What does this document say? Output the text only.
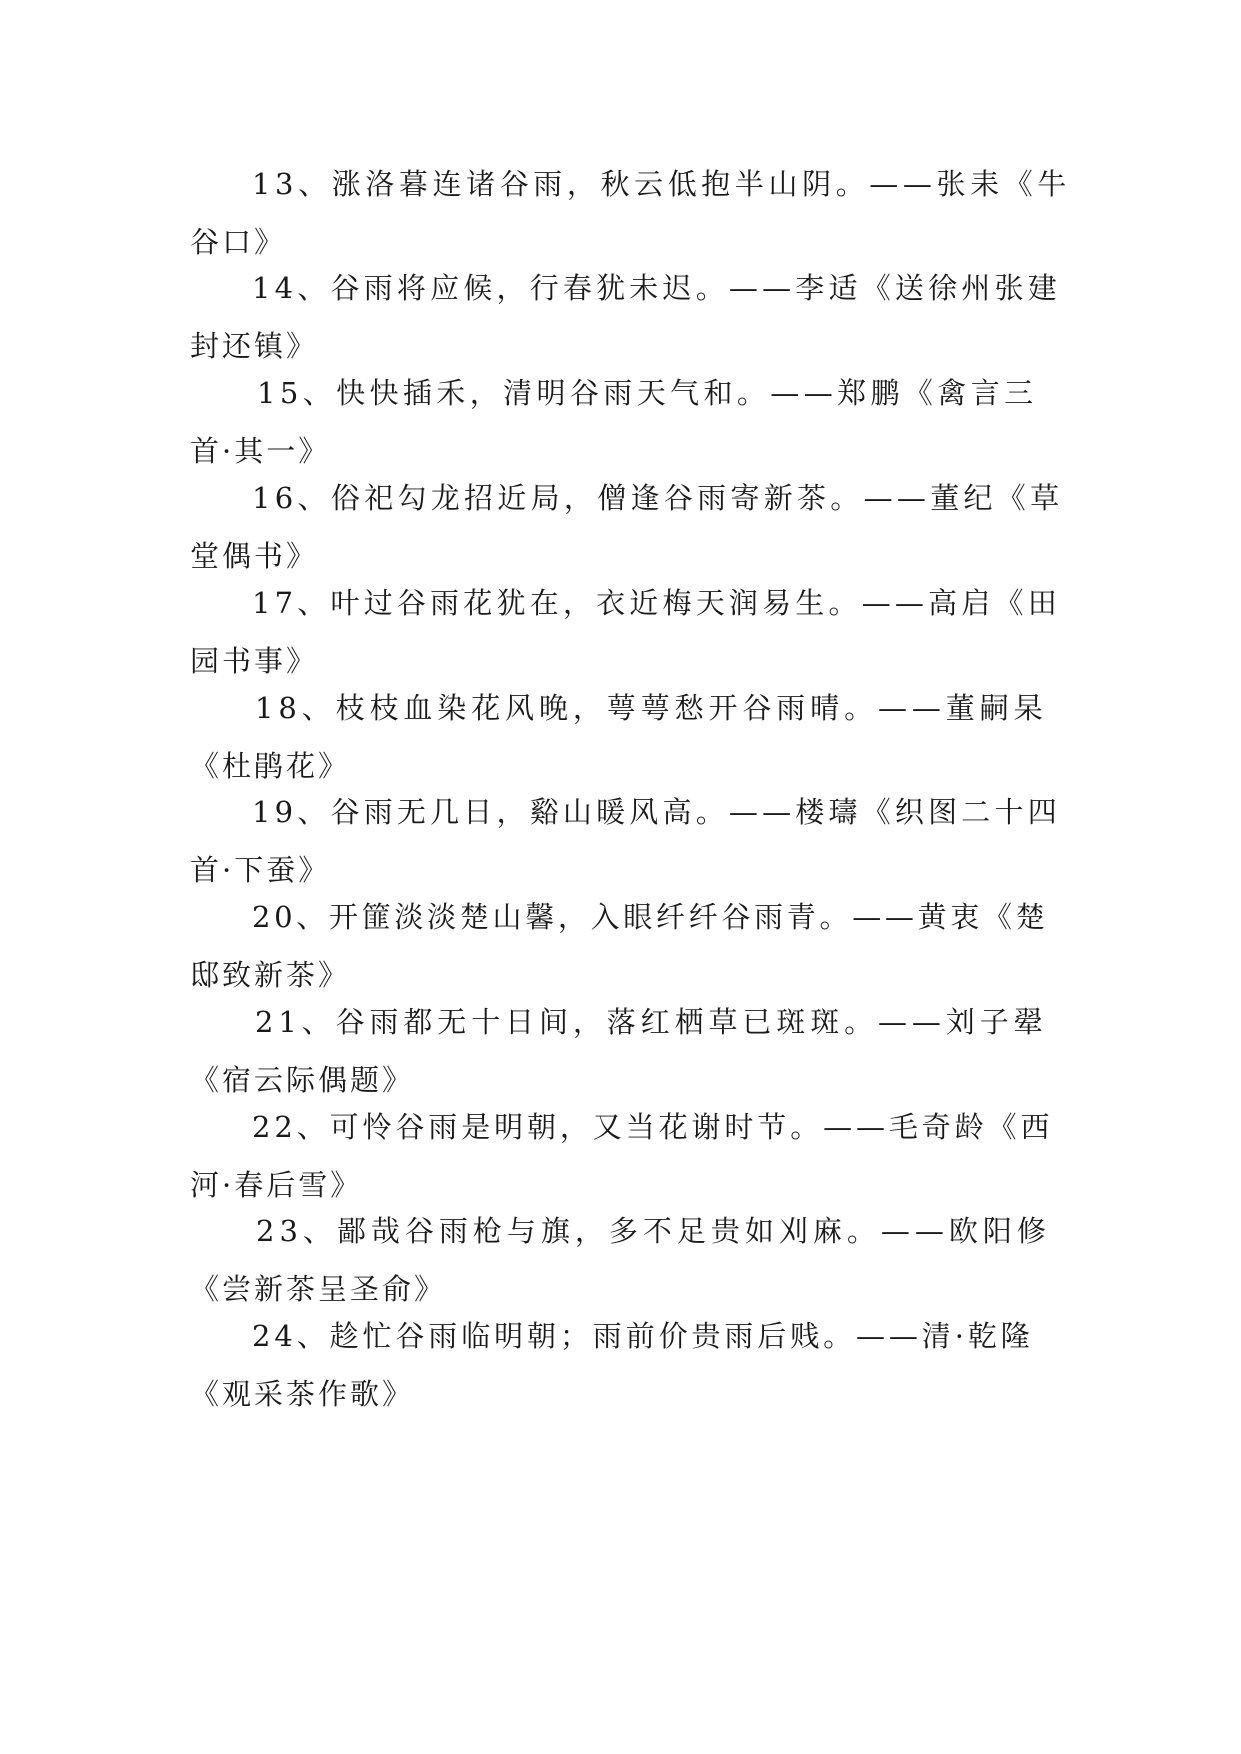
13、涨洛暮连诸谷雨，秋云低抱半山阴。——张耒《牛
谷口》
14、谷雨将应候，行春犹未迟。——李适《送徐州张建
封还镇》
15、快快插禾，清明谷雨天气和。——郑鹏《禽言三
首·其一》
16、俗祀勾龙招近局，僧逢谷雨寄新茶。——董纪《草
堂偶书》
17、叶过谷雨花犹在，衣近梅天润易生。——高启《田
园书事》
18、枝枝血染花风晚，萼萼愁开谷雨晴。——董嗣杲
《杜鹃花》
19、谷雨无几日，谿山暖风高。——楼璹《织图二十四
首·下蚕》
20、开篚淡淡楚山馨，入眼纤纤谷雨青。——黄衷《楚
邸致新茶》
21、谷雨都无十日间，落红栖草已斑斑。——刘子翚
《宿云际偶题》
22、可怜谷雨是明朝，又当花谢时节。——毛奇龄《西
河·春后雪》
23、鄙哉谷雨枪与旗，多不足贵如刈麻。——欧阳修
《尝新茶呈圣俞》
24、趁忙谷雨临明朝；雨前价贵雨后贱。——清·乾隆
《观采茶作歌》
